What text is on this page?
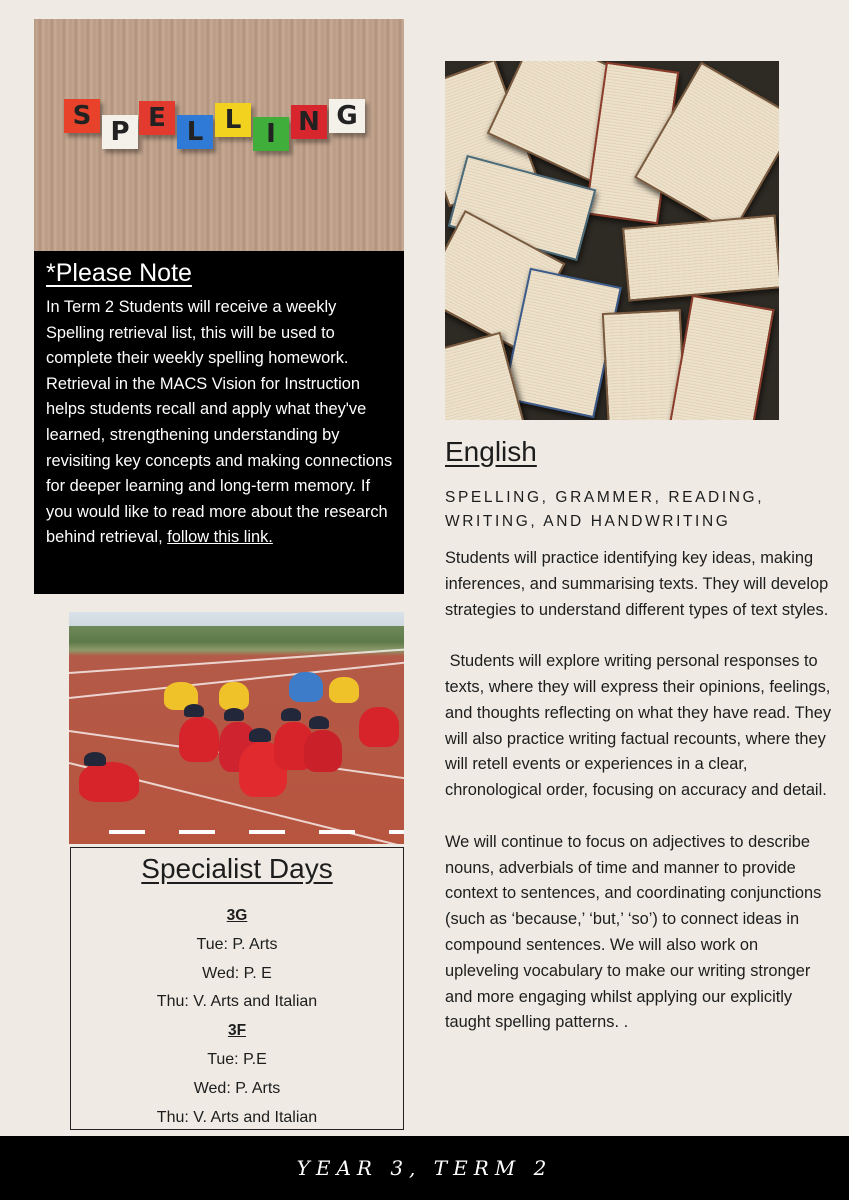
S
P E L L I N G
*Please Note

In Term 2 Students will receive a weekly Spelling retrieval list, this will be used to complete their weekly spelling homework. Retrieval in the MACS Vision for Instruction helps students recall and apply what they've learned, strengthening understanding by revisiting key concepts and making connections for deeper learning and long-term memory. If you would like to read more about the research behind retrieval, follow this link.

English

SPELLING, GRAMMER, READING, WRITING, AND HANDWRITING

Students will practice identifying key ideas, making inferences, and summarising texts. They will develop strategies to understand different types of text styles.

Students will explore writing personal responses to texts, where they will express their opinions, feelings, and thoughts reflecting on what they have read. They will also practice writing factual recounts, where they will retell events or experiences in a clear, chronological order, focusing on accuracy and detail.

We will continue to focus on adjectives to describe nouns, adverbials of time and manner to provide context to sentences, and coordinating conjunctions (such as ‘because,’ ‘but,’ ‘so’) to connect ideas in compound sentences. We will also work on upleveling vocabulary to make our writing stronger and more engaging whilst applying our explicitly taught spelling patterns. .

Specialist Days

3G

Tue: P. Arts

Wed: P. E

Thu: V. Arts and Italian

3F

Tue: P.E

Wed: P. Arts

Thu: V. Arts and Italian

YEAR 3, TERM 2
